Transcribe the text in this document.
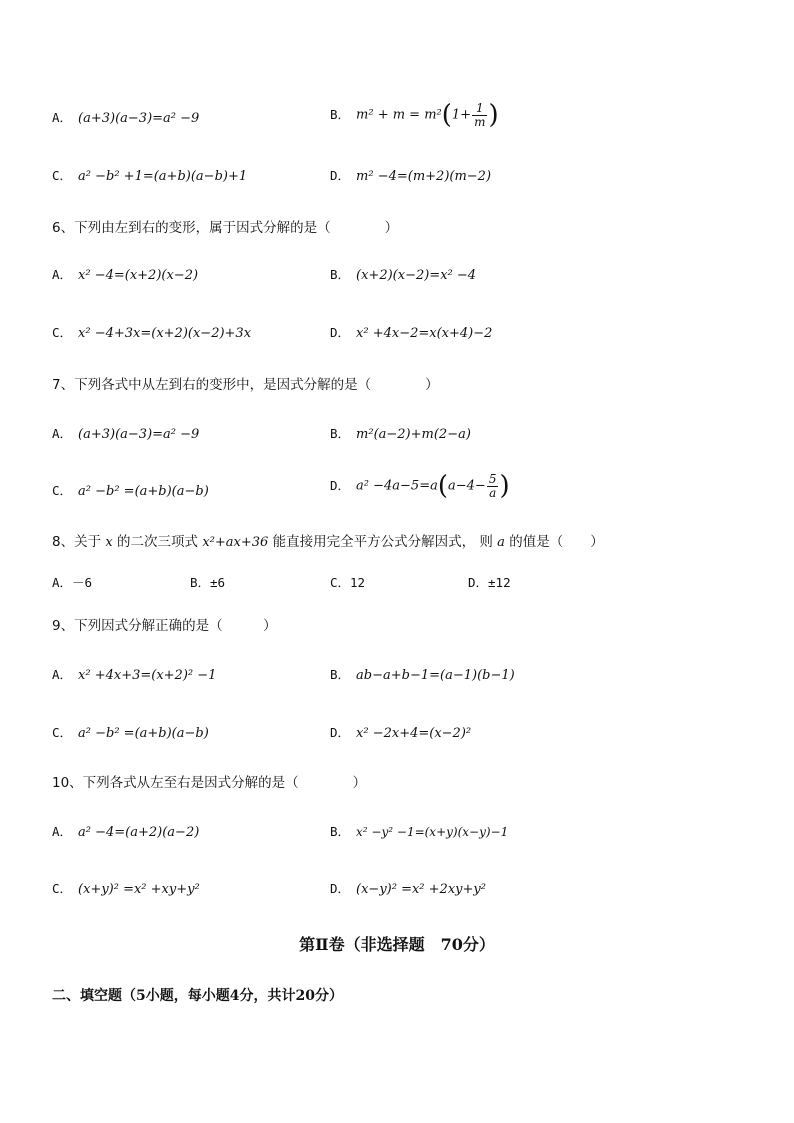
A． (a+3)(a−3)=a² −9	B． $m^2 + m = m^2(1+ \frac{1}{m}$ )
C． a² −b² +1=(a+b)(a−b)+1	D． m² −4=(m+2)(m−2)
6、下列由左到右的变形，属于因式分解的是（　　　　）
A． x² −4=(x+2)(x−2)	B． (x+2)(x−2)=x² −4
C． x² −4+3x=(x+2)(x−2)+3x	D． x² +4x−2=x(x+4)−2
7、下列各式中从左到右的变形中，是因式分解的是（　　　　）
A． (a+3)(a−3)=a² −9	B． m²(a−2)+m(2−a)
C． a² −b² =(a+b)(a−b)	D． $a^2 -4a-5=a(a-4- \frac{5}{a}$ )
8、关于 x 的二次三项式 x²+ax+36 能直接用完全平方公式分解因式， 则 a 的值是（　　）
A．－6	B．±6	C．12	D．±12
9、下列因式分解正确的是（　　　）
A． x² +4x+3=(x+2)² −1	B． ab−a+b−1=(a−1)(b−1)
C． a² −b² =(a+b)(a−b)	D． x² −2x+4=(x−2)²
10、下列各式从左至右是因式分解的是（　　　　）
A． a² −4=(a+2)(a−2)	B． x² −y² −1=(x+y)(x−y)−1
C． (x+y)² =x² +xy+y²	D． (x−y)² =x² +2xy+y²
第Ⅱ卷（非选择题　70分）
二、填空题（5小题，每小题4分，共计20分）
